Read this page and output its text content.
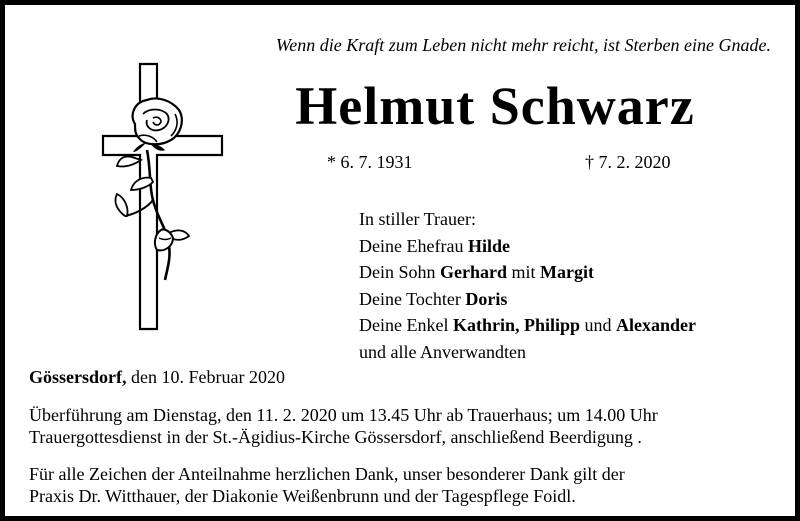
Wenn die Kraft zum Leben nicht mehr reicht, ist Sterben eine Gnade.
Helmut Schwarz
* 6. 7. 1931	† 7. 2. 2020
In stiller Trauer:
Deine Ehefrau Hilde
Dein Sohn Gerhard mit Margit
Deine Tochter Doris
Deine Enkel Kathrin, Philipp und Alexander
und alle Anverwandten
Gössersdorf, den 10. Februar 2020
Überführung am Dienstag, den 11. 2. 2020 um 13.45 Uhr ab Trauerhaus; um 14.00 Uhr
Trauergottesdienst in der St.-Ägidius-Kirche Gössersdorf, anschließend Beerdigung .
Für alle Zeichen der Anteilnahme herzlichen Dank, unser besonderer Dank gilt der
Praxis Dr. Witthauer, der Diakonie Weißenbrunn und der Tagespflege Foidl.
